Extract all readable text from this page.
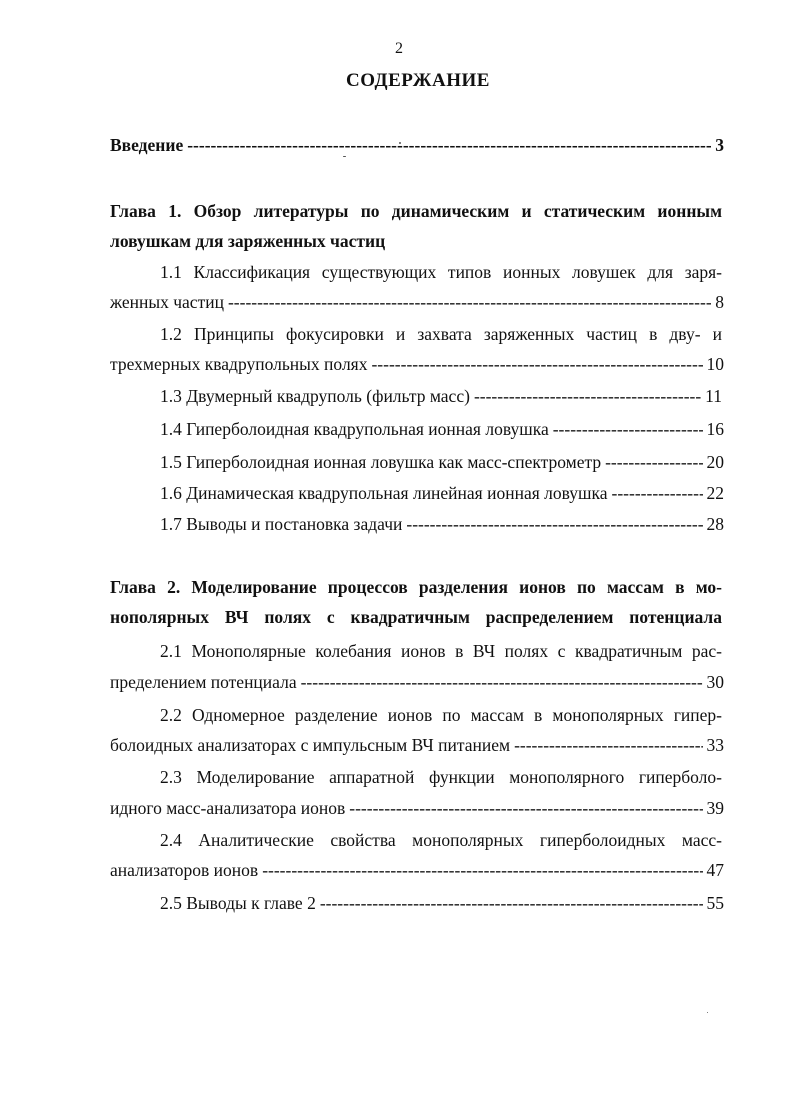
2
СОДЕРЖАНИЕ
Введение -----	3
Глава 1. Обзор литературы по динамическим и статическим ионным
ловушкам для заряженных частиц
1.1 Классификация существующих типов ионных ловушек для заря-
женных частиц -----	8
1.2 Принципы фокусировки и захвата заряженных частиц в дву- и
трехмерных квадрупольных полях -----	10
1.3 Двумерный квадруполь (фильтр масс) -----	11
1.4 Гиперболоидная квадрупольная ионная ловушка -----	16
1.5 Гиперболоидная ионная ловушка как масс-спектрометр -----	20
1.6 Динамическая квадрупольная линейная ионная ловушка -----	22
1.7 Выводы и постановка задачи -----	28
Глава 2. Моделирование процессов разделения ионов по массам в мо-
нополярных ВЧ полях с квадратичным распределением потенциала
2.1 Монополярные колебания ионов в ВЧ полях с квадратичным рас-
пределением потенциала -----	30
2.2 Одномерное разделение ионов по массам в монополярных гипер-
болоидных анализаторах с импульсным ВЧ питанием -----	33
2.3 Моделирование аппаратной функции монополярного гиперболо-
идного масс-анализатора ионов -----	39
2.4 Аналитические свойства монополярных гиперболоидных масс-
анализаторов ионов -----	47
2.5 Выводы к главе 2 -----	55
